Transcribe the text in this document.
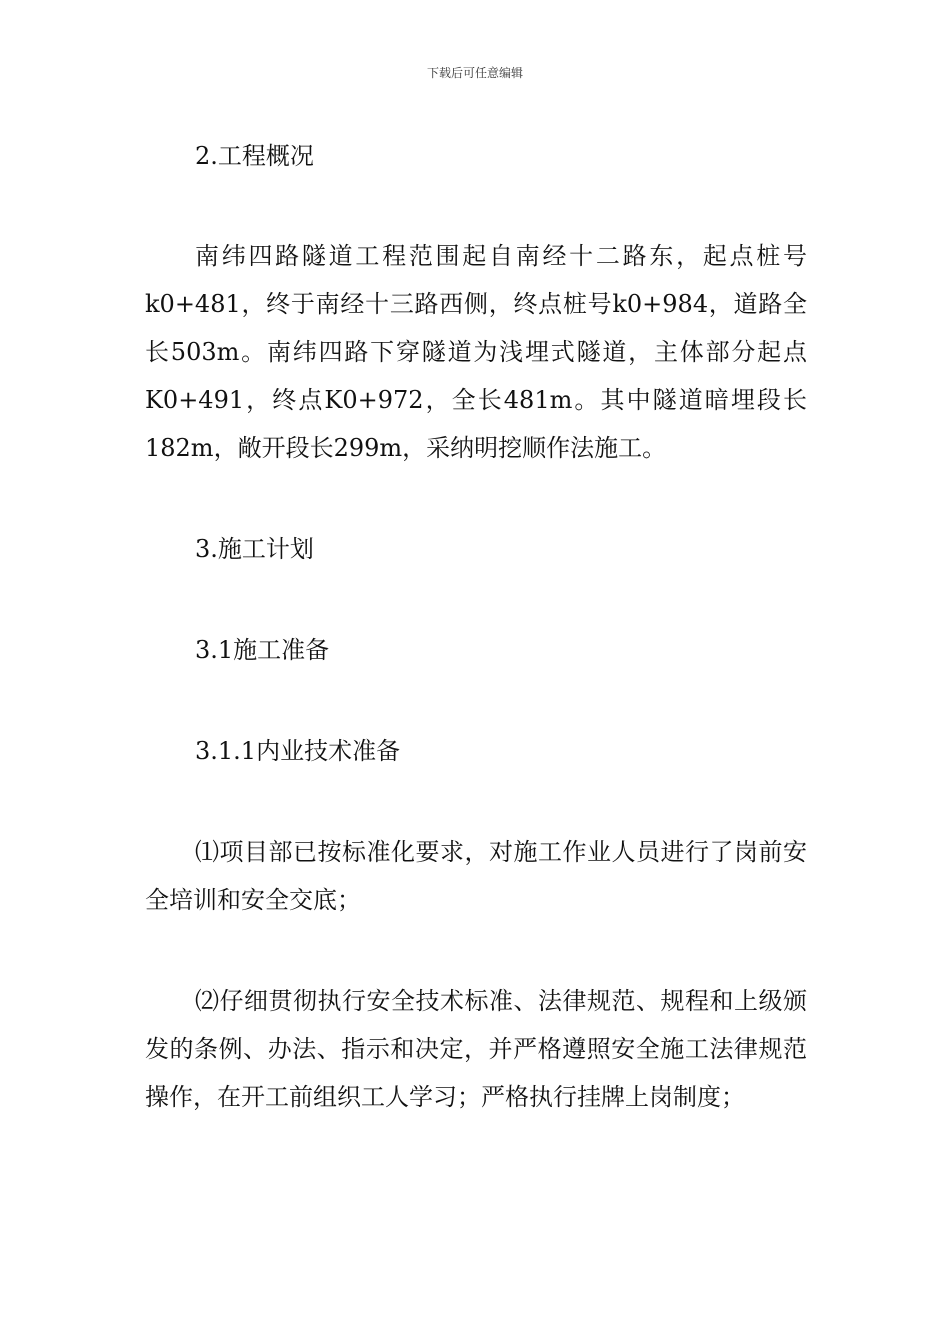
下载后可任意编辑

2.工程概况

南纬四路隧道工程范围起自南经十二路东，起点桩号k0+481，终于南经十三路西侧，终点桩号k0+984，道路全长503m。南纬四路下穿隧道为浅埋式隧道，主体部分起点K0+491，终点K0+972，全长481m。其中隧道暗埋段长182m，敞开段长299m，采纳明挖顺作法施工。

3.施工计划

3.1施工准备

3.1.1内业技术准备

⑴项目部已按标准化要求，对施工作业人员进行了岗前安全培训和安全交底；

⑵仔细贯彻执行安全技术标准、法律规范、规程和上级颁发的条例、办法、指示和决定，并严格遵照安全施工法律规范操作，在开工前组织工人学习；严格执行挂牌上岗制度；
